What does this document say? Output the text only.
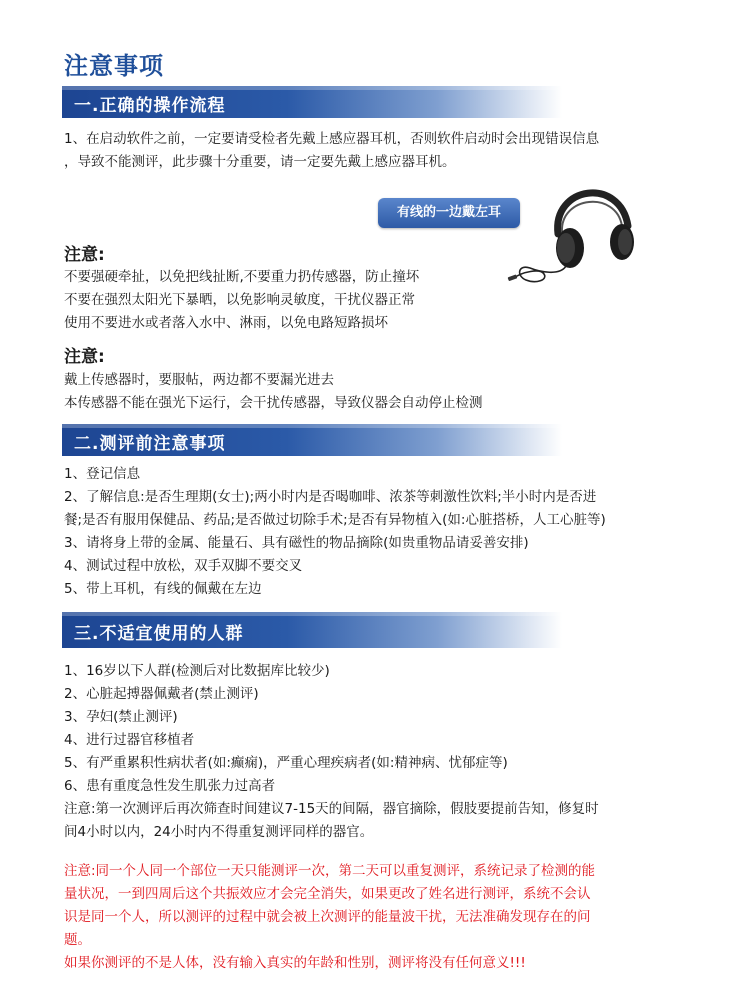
注意事项
一.正确的操作流程
1、在启动软件之前，一定要请受检者先戴上感应器耳机，否则软件启动时会出现错误信息
，导致不能测评，此步骤十分重要，请一定要先戴上感应器耳机。
有线的一边戴左耳
注意:
不要强硬牵扯，以免把线扯断,不要重力扔传感器，防止撞坏
不要在强烈太阳光下暴晒，以免影响灵敏度，干扰仪器正常
使用不要进水或者落入水中、淋雨，以免电路短路损坏
注意:
戴上传感器时，要服帖，两边都不要漏光进去
本传感器不能在强光下运行，会干扰传感器，导致仪器会自动停止检测
二.测评前注意事项
1、登记信息
2、了解信息:是否生理期(女士);两小时内是否喝咖啡、浓茶等刺激性饮料;半小时内是否进
餐;是否有服用保健品、药品;是否做过切除手术;是否有异物植入(如:心脏搭桥，人工心脏等)
3、请将身上带的金属、能量石、具有磁性的物品摘除(如贵重物品请妥善安排)
4、测试过程中放松，双手双脚不要交叉
5、带上耳机，有线的佩戴在左边
三.不适宜使用的人群
1、16岁以下人群(检测后对比数据库比较少)
2、心脏起搏器佩戴者(禁止测评)
3、孕妇(禁止测评)
4、进行过器官移植者
5、有严重累积性病状者(如:癫痫)，严重心理疾病者(如:精神病、忧郁症等)
6、患有重度急性发生肌张力过高者
注意:第一次测评后再次筛查时间建议7-15天的间隔，器官摘除，假肢要提前告知，修复时
间4小时以内，24小时内不得重复测评同样的器官。
注意:同一个人同一个部位一天只能测评一次，第二天可以重复测评，系统记录了检测的能
量状况，一到四周后这个共振效应才会完全消失，如果更改了姓名进行测评，系统不会认
识是同一个人，所以测评的过程中就会被上次测评的能量波干扰，无法准确发现存在的问
题。
如果你测评的不是人体，没有输入真实的年龄和性别，测评将没有任何意义!!!
